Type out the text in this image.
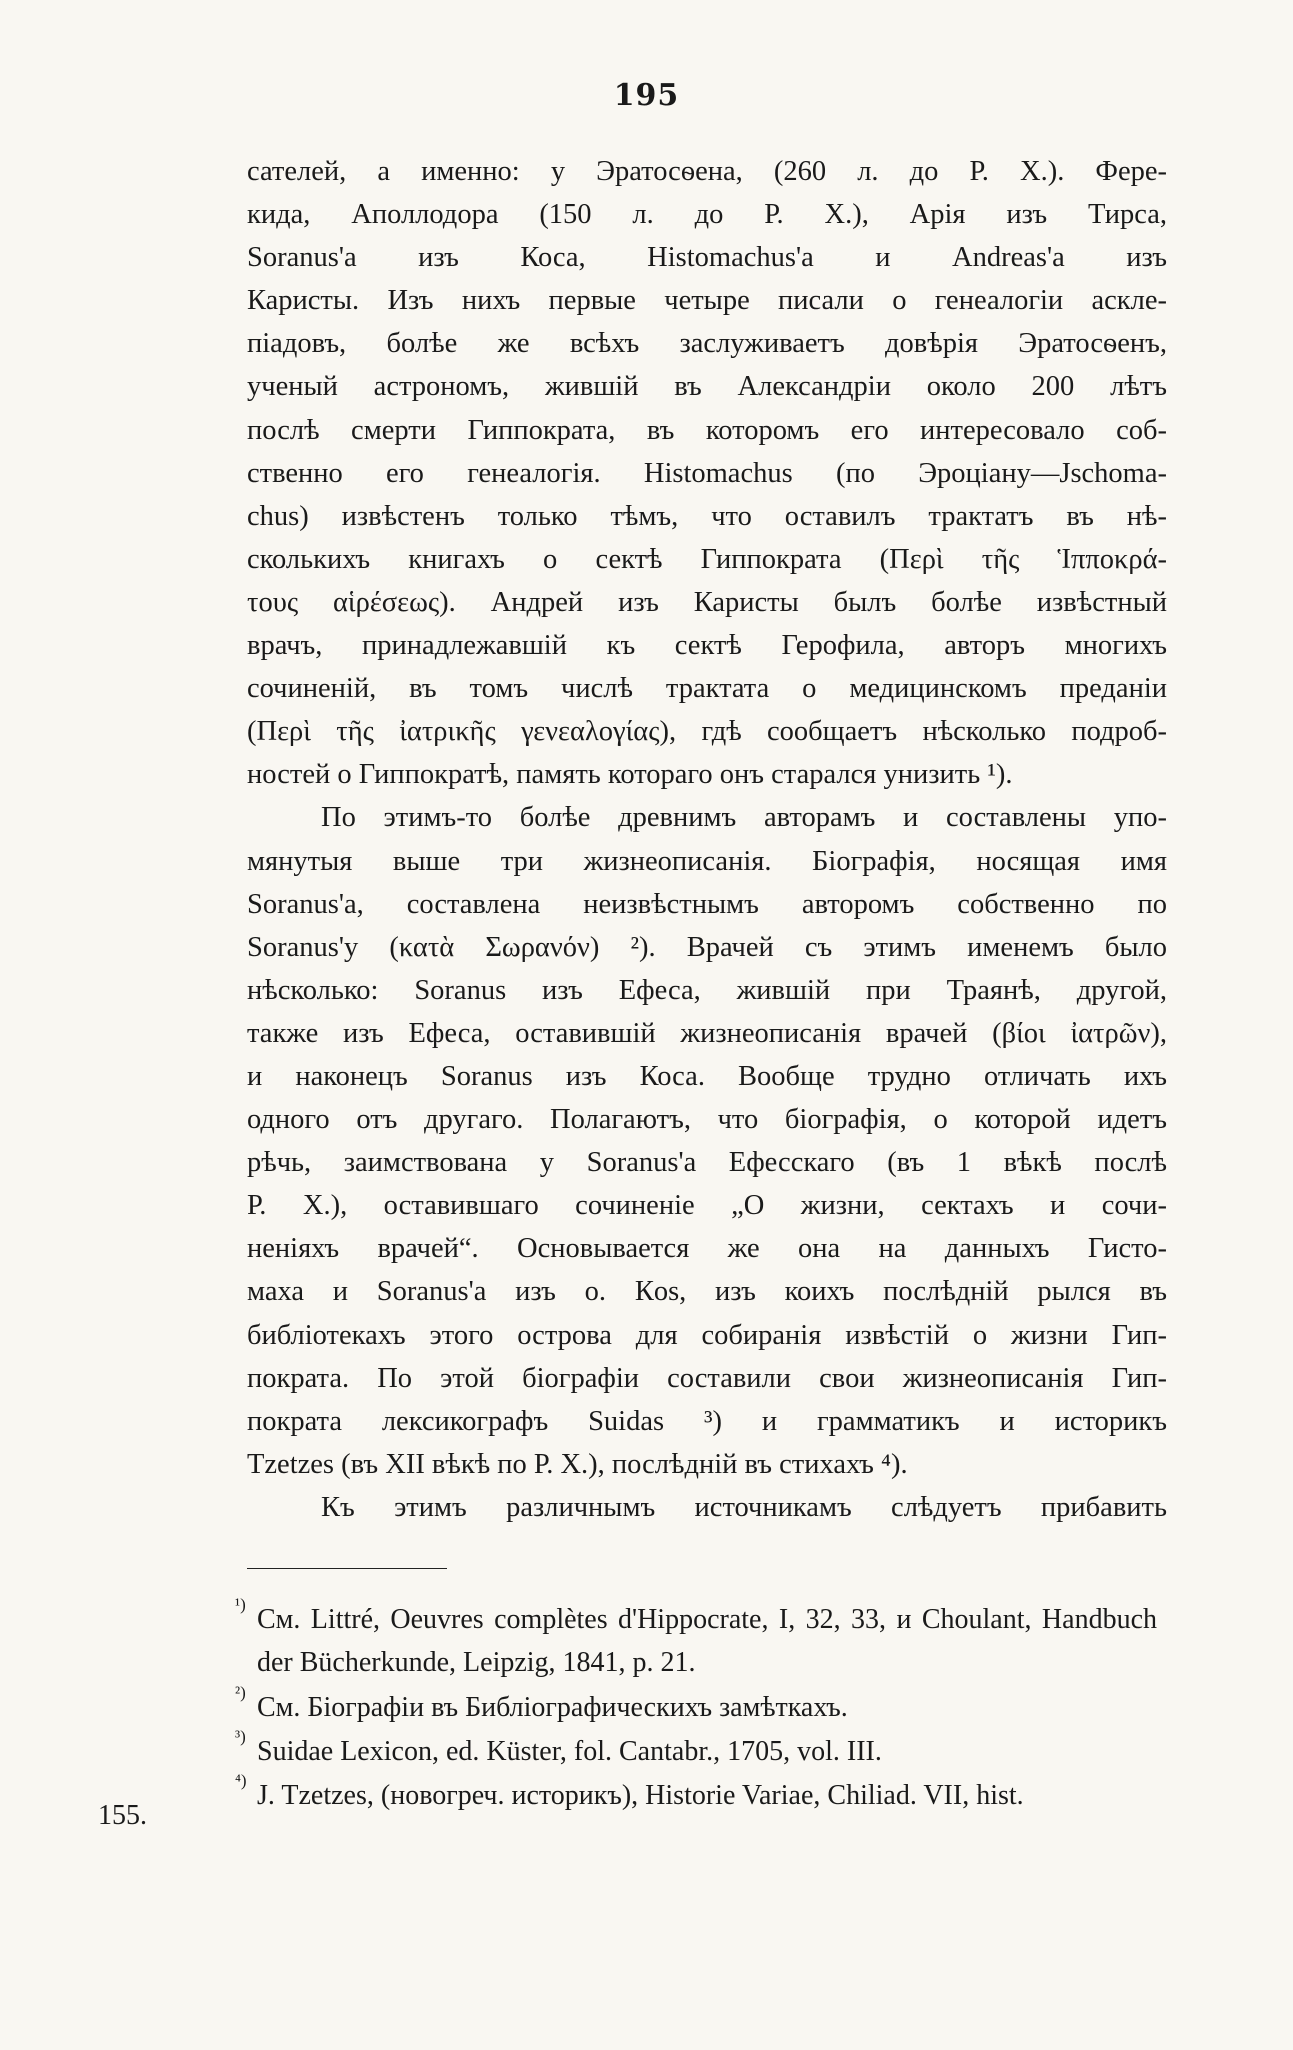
195
сателей, а именно: у Эратосѳена, (260 л. до Р. Х.). Фере-
кида, Аполлодора (150 л. до Р. Х.), Арія изъ Тирса,
Soranus'а изъ Коса, Histomachus'а и Andreas'а изъ
Каристы. Изъ нихъ первые четыре писали о генеалогіи аскле-
піадовъ, болѣе же всѣхъ заслуживаетъ довѣрія Эратосѳенъ,
ученый астрономъ, жившій въ Александріи около 200 лѣтъ
послѣ смерти Гиппократа, въ которомъ его интересовало соб-
ственно его генеалогія. Histomachus (по Эроціану—Jschoma-
chus) извѣстенъ только тѣмъ, что оставилъ трактатъ въ нѣ-
сколькихъ книгахъ о сектѣ Гиппократа (Περὶ τῆς Ἱπποκρά-
τους αἱρέσεως). Андрей изъ Каристы былъ болѣе извѣстный
врачъ, принадлежавшій къ сектѣ Герофила, авторъ многихъ
сочиненій, въ томъ числѣ трактата о медицинскомъ преданіи
(Περὶ τῆς ἰατρικῆς γενεαλογίας), гдѣ сообщаетъ нѣсколько подроб-
ностей о Гиппократѣ, память котораго онъ старался унизить ¹).
По этимъ-то болѣе древнимъ авторамъ и составлены упо-
мянутыя выше три жизнеописанія. Біографія, носящая имя
Soranus'а, составлена неизвѣстнымъ авторомъ собственно по
Soranus'у (κατὰ Σωρανόν) ²). Врачей съ этимъ именемъ было
нѣсколько: Soranus изъ Ефеса, жившій при Траянѣ, другой,
также изъ Ефеса, оставившій жизнеописанія врачей (βίοι ἰατρῶν),
и наконецъ Soranus изъ Коса. Вообще трудно отличать ихъ
одного отъ другаго. Полагаютъ, что біографія, о которой идетъ
рѣчь, заимствована у Soranus'а Ефесскаго (въ 1 вѣкѣ послѣ
Р. Х.), оставившаго сочиненіе „О жизни, сектахъ и сочи-
неніяхъ врачей“. Основывается же она на данныхъ Гисто-
маха и Soranus'а изъ о. Кos, изъ коихъ послѣдній рылся въ
библіотекахъ этого острова для собиранія извѣстій о жизни Гип-
пократа. По этой біографіи составили свои жизнеописанія Гип-
пократа лексикографъ Suidas ³) и грамматикъ и историкъ
Tzetzes (въ XII вѣкѣ по Р. Х.), послѣдній въ стихахъ ⁴).
Къ этимъ различнымъ источникамъ слѣдуетъ прибавить
¹) См. Littré, Oeuvres complètes d'Hippocrate, I, 32, 33, и Choulant, Handbuch der Bücherkunde, Leipzig, 1841, p. 21.
²) См. Біографіи въ Библіографическихъ замѣткахъ.
³) Suidae Lexicon, ed. Küster, fol. Cantabr., 1705, vol. III.
⁴) J. Tzetzes, (новогреч. историкъ), Historie Variae, Chiliad. VII, hist.
155.
